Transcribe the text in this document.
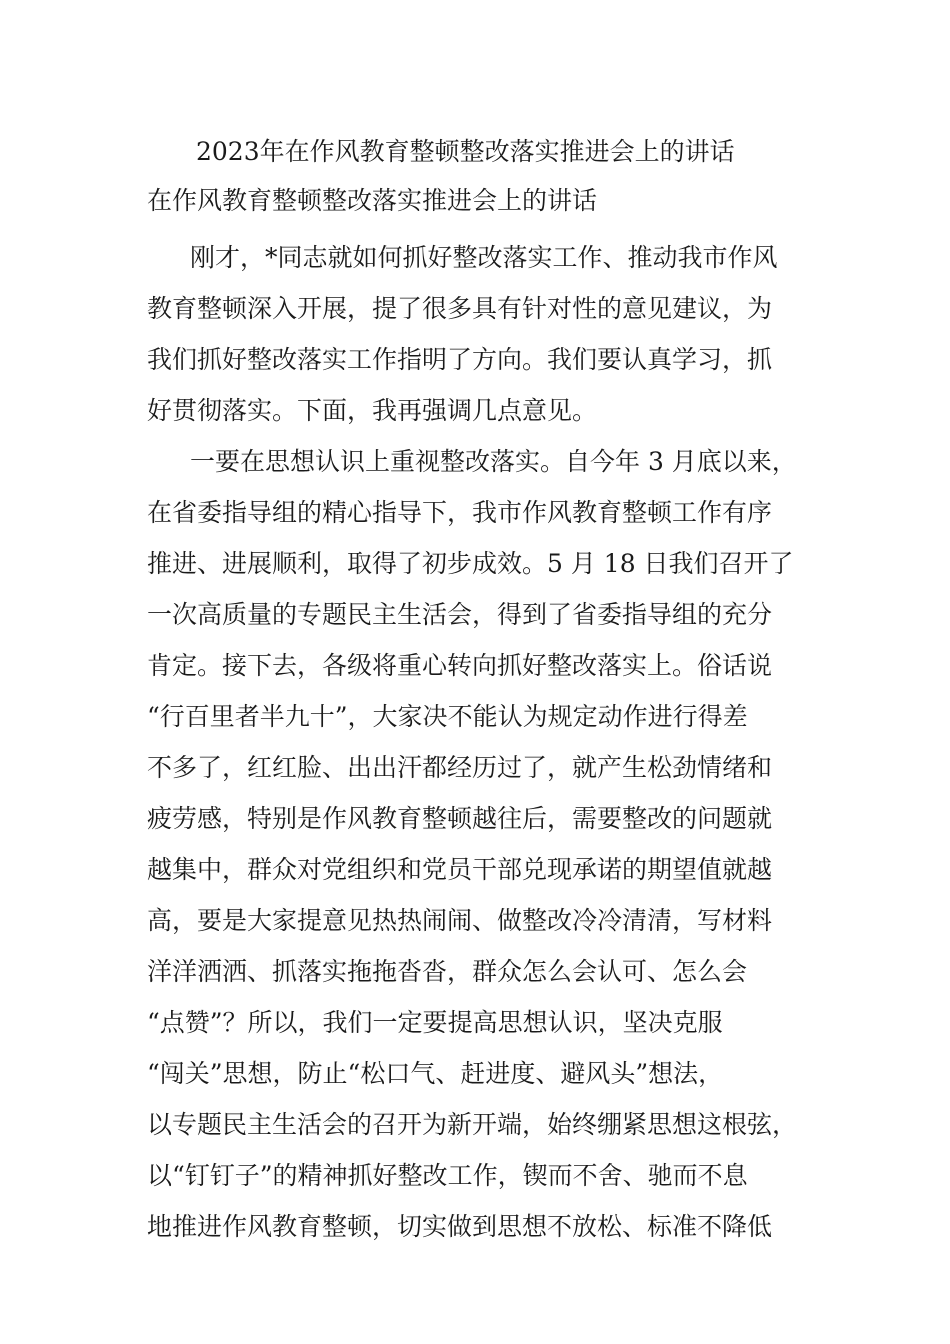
2023年在作风教育整顿整改落实推进会上的讲话
在作风教育整顿整改落实推进会上的讲话

刚才，*同志就如何抓好整改落实工作、推动我市作风
教育整顿深入开展，提了很多具有针对性的意见建议，为
我们抓好整改落实工作指明了方向。我们要认真学习，抓
好贯彻落实。下面，我再强调几点意见。

一要在思想认识上重视整改落实。自今年 3 月底以来，
在省委指导组的精心指导下，我市作风教育整顿工作有序
推进、进展顺利，取得了初步成效。5 月 18 日我们召开了
一次高质量的专题民主生活会，得到了省委指导组的充分
肯定。接下去，各级将重心转向抓好整改落实上。俗话说
“行百里者半九十”，大家决不能认为规定动作进行得差
不多了，红红脸、出出汗都经历过了，就产生松劲情绪和
疲劳感，特别是作风教育整顿越往后，需要整改的问题就
越集中，群众对党组织和党员干部兑现承诺的期望值就越
高，要是大家提意见热热闹闹、做整改冷冷清清，写材料
洋洋洒洒、抓落实拖拖沓沓，群众怎么会认可、怎么会
“点赞”？所以，我们一定要提高思想认识，坚决克服
“闯关”思想，防止“松口气、赶进度、避风头”想法，
以专题民主生活会的召开为新开端，始终绷紧思想这根弦，
以“钉钉子”的精神抓好整改工作，锲而不舍、驰而不息
地推进作风教育整顿，切实做到思想不放松、标准不降低
